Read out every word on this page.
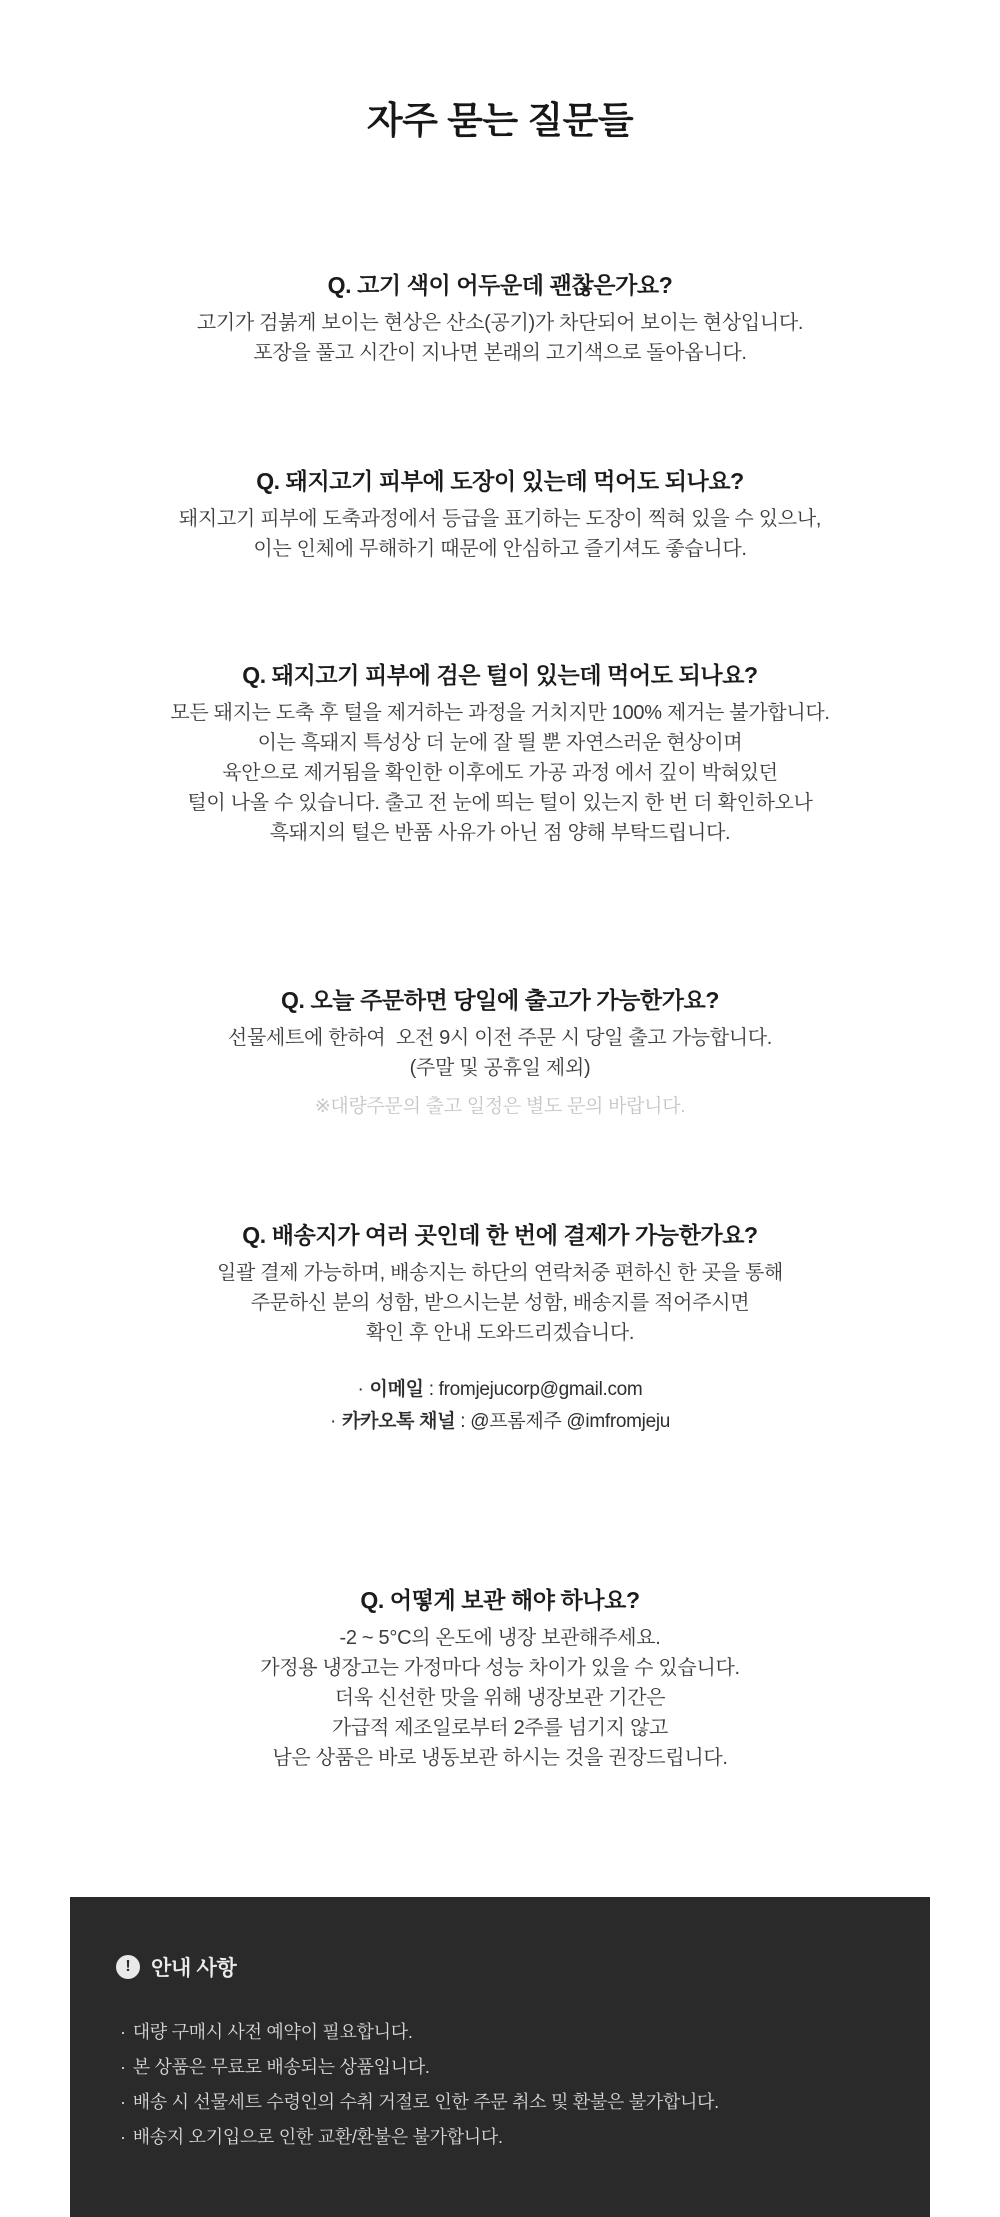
자주 묻는 질문들
Q. 고기 색이 어두운데 괜찮은가요?

고기가 검붉게 보이는 현상은 산소(공기)가 차단되어 보이는 현상입니다.

포장을 풀고 시간이 지나면 본래의 고기색으로 돌아옵니다.

Q. 돼지고기 피부에 도장이 있는데 먹어도 되나요?

돼지고기 피부에 도축과정에서 등급을 표기하는 도장이 찍혀 있을 수 있으나,

이는 인체에 무해하기 때문에 안심하고 즐기셔도 좋습니다.

Q. 돼지고기 피부에 검은 털이 있는데 먹어도 되나요?

모든 돼지는 도축 후 털을 제거하는 과정을 거치지만 100% 제거는 불가합니다.

이는 흑돼지 특성상 더 눈에 잘 띌 뿐 자연스러운 현상이며

육안으로 제거됨을 확인한 이후에도 가공 과정 에서 깊이 박혀있던

털이 나올 수 있습니다. 출고 전 눈에 띄는 털이 있는지 한 번 더 확인하오나

흑돼지의 털은 반품 사유가 아닌 점 양해 부탁드립니다.

Q. 오늘 주문하면 당일에 출고가 가능한가요?

선물세트에 한하여  오전 9시 이전 주문 시 당일 출고 가능합니다.

(주말 및 공휴일 제외)

※대량주문의 출고 일정은 별도 문의 바랍니다.

Q. 배송지가 여러 곳인데 한 번에 결제가 가능한가요?

일괄 결제 가능하며, 배송지는 하단의 연락처중 편하신 한 곳을 통해

주문하신 분의 성함, 받으시는분 성함, 배송지를 적어주시면

확인 후 안내 도와드리겠습니다.

· 이메일 : fromjejucorp@gmail.com

· 카카오톡 채널 : @프롬제주 @imfromjeju

Q. 어떻게 보관 해야 하나요?

-2 ~ 5°C의 온도에 냉장 보관해주세요.

가정용 냉장고는 가정마다 성능 차이가 있을 수 있습니다.

더욱 신선한 맛을 위해 냉장보관 기간은

가급적 제조일로부터 2주를 넘기지 않고

남은 상품은 바로 냉동보관 하시는 것을 권장드립니다.

! 안내 사항
· 대량 구매시 사전 예약이 필요합니다.
· 본 상품은 무료로 배송되는 상품입니다.
· 배송 시 선물세트 수령인의 수취 거절로 인한 주문 취소 및 환불은 불가합니다.
· 배송지 오기입으로 인한 교환/환불은 불가합니다.
